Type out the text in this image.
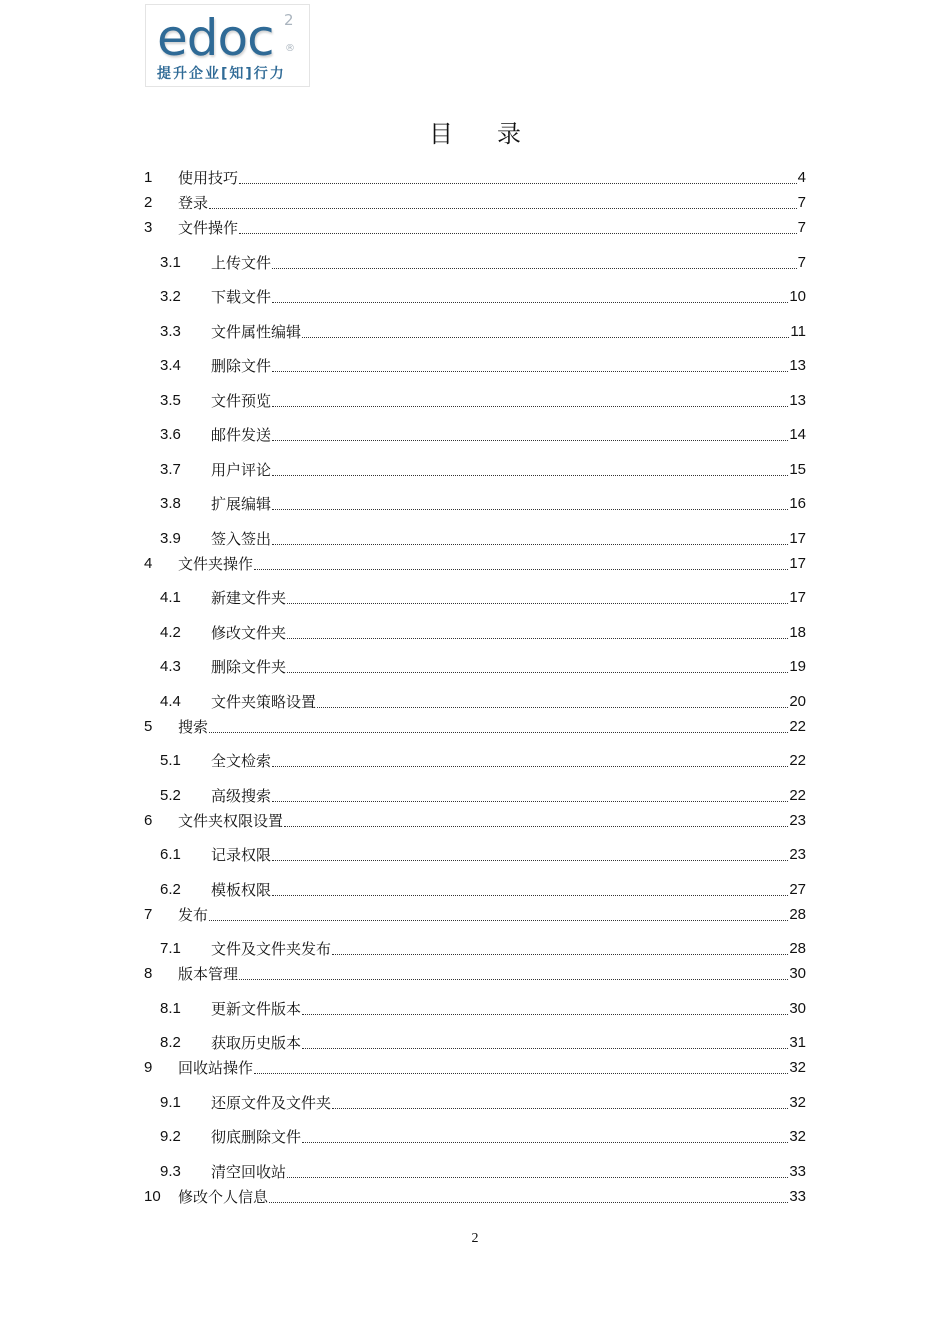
edoc 2
®
提升企业[知]行力
目录
1	使用技巧	4
2	登录	7
3	文件操作	7
3.1	上传文件	7
3.2	下载文件	10
3.3	文件属性编辑	11
3.4	删除文件	13
3.5	文件预览	13
3.6	邮件发送	14
3.7	用户评论	15
3.8	扩展编辑	16
3.9	签入签出	17
4	文件夹操作	17
4.1	新建文件夹	17
4.2	修改文件夹	18
4.3	删除文件夹	19
4.4	文件夹策略设置	20
5	搜索	22
5.1	全文检索	22
5.2	高级搜索	22
6	文件夹权限设置	23
6.1	记录权限	23
6.2	模板权限	27
7	发布	28
7.1	文件及文件夹发布	28
8	版本管理	30
8.1	更新文件版本	30
8.2	获取历史版本	31
9	回收站操作	32
9.1	还原文件及文件夹	32
9.2	彻底删除文件	32
9.3	清空回收站	33
10	修改个人信息	33
2
